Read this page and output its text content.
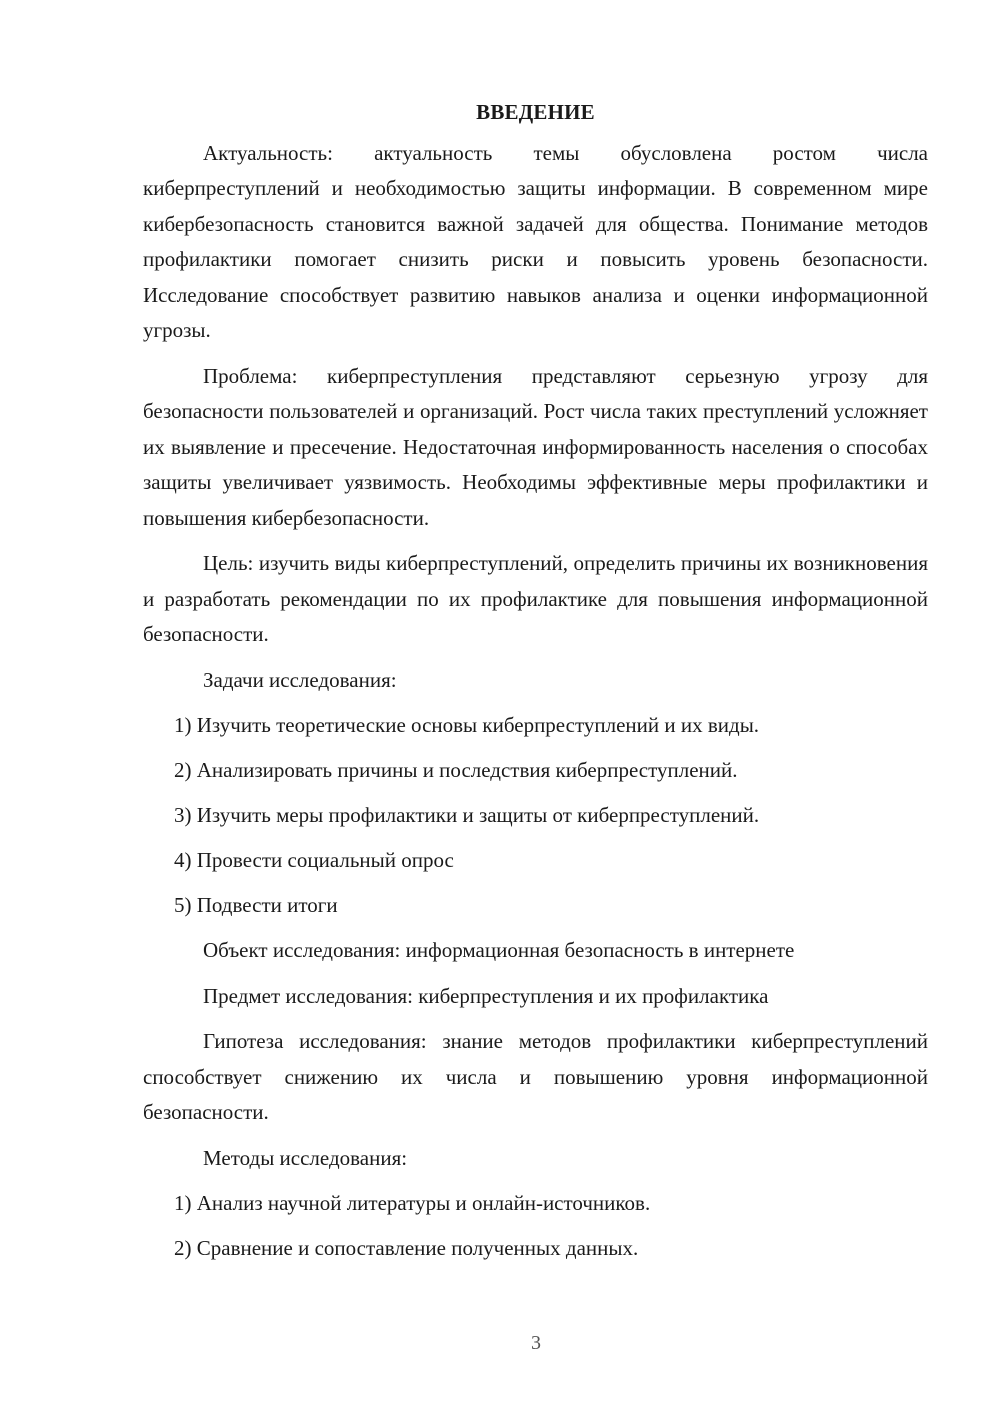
ВВЕДЕНИЕ

Актуальность: актуальность темы обусловлена ростом числа киберпреступлений и необходимостью защиты информации. В современном мире кибербезопасность становится важной задачей для общества. Понимание методов профилактики помогает снизить риски и повысить уровень безопасности. Исследование способствует развитию навыков анализа и оценки информационной угрозы.

Проблема: киберпреступления представляют серьезную угрозу для безопасности пользователей и организаций. Рост числа таких преступлений усложняет их выявление и пресечение. Недостаточная информированность населения о способах защиты увеличивает уязвимость. Необходимы эффективные меры профилактики и повышения кибербезопасности.

Цель: изучить виды киберпреступлений, определить причины их возникновения и разработать рекомендации по их профилактике для повышения информационной безопасности.

Задачи исследования:

1) Изучить теоретические основы киберпреступлений и их виды.

2) Анализировать причины и последствия киберпреступлений.

3) Изучить меры профилактики и защиты от киберпреступлений.

4) Провести социальный опрос

5) Подвести итоги

Объект исследования: информационная безопасность в интернете

Предмет исследования: киберпреступления и их профилактика

Гипотеза исследования: знание методов профилактики киберпреступлений способствует снижению их числа и повышению уровня информационной безопасности.

Методы исследования:

1) Анализ научной литературы и онлайн-источников.

2) Сравнение и сопоставление полученных данных.

3
